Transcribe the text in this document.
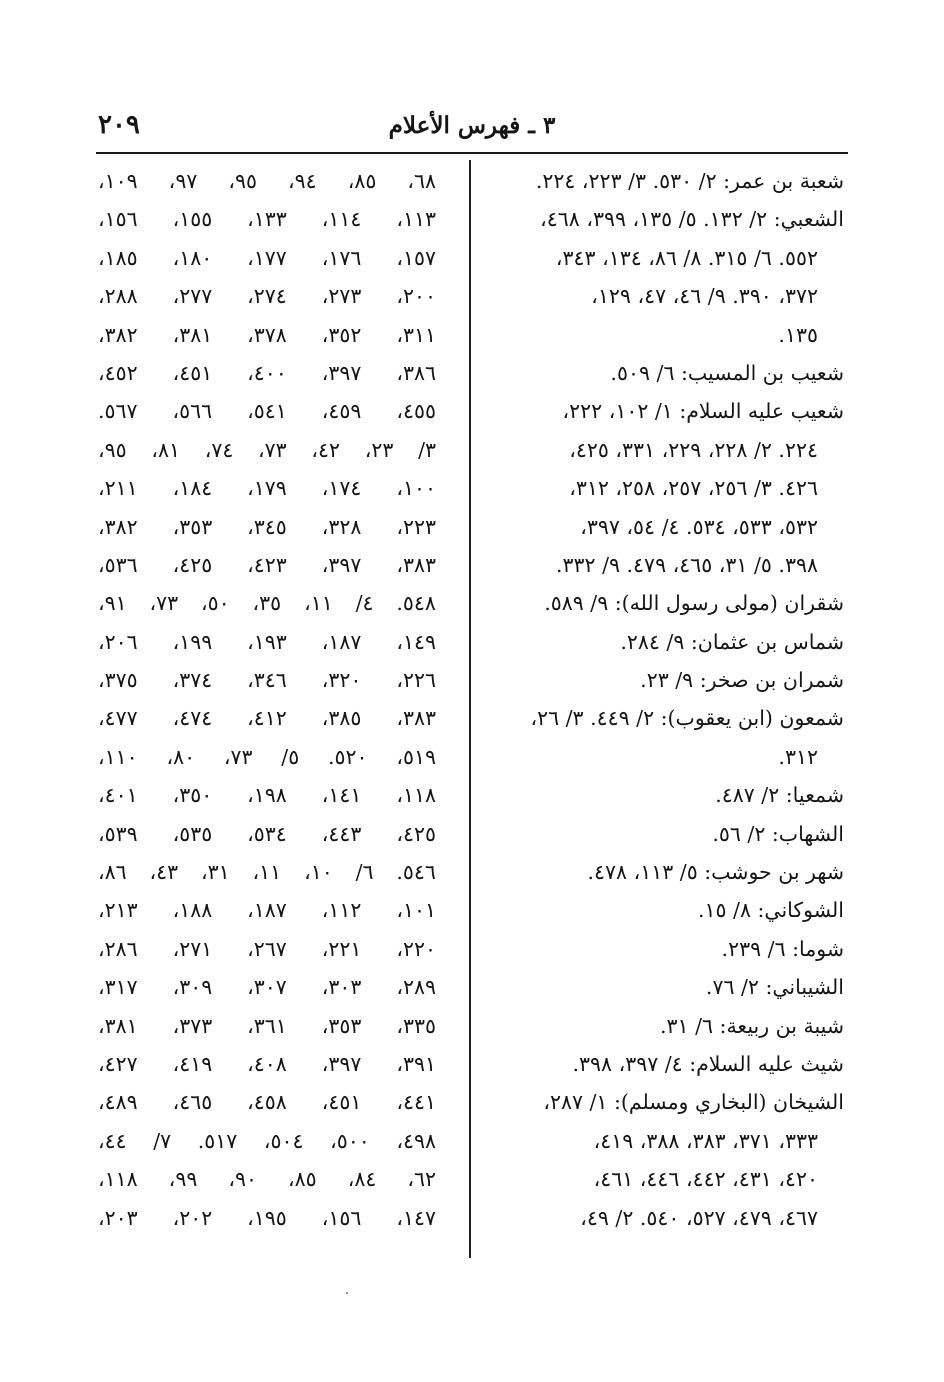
٣ ـ فهرس الأعلام
٢٠٩
شعبة بن عمر: ٢/ ٥٣٠. ٣/ ٢٢٣، ٢٢٤.
الشعبي: ٢/ ١٣٢. ٥/ ١٣٥، ٣٩٩، ٤٦٨،
٥٥٢. ٦/ ٣١٥. ٨/ ٨٦، ١٣٤، ٣٤٣،
٣٧٢، ٣٩٠. ٩/ ٤٦، ٤٧، ١٢٩،
١٣٥.
شعيب بن المسيب: ٦/ ٥٠٩.
شعيب عليه السلام: ١/ ١٠٢، ٢٢٢،
٢٢٤. ٢/ ٢٢٨، ٢٢٩، ٣٣١، ٤٢٥،
٤٢٦. ٣/ ٢٥٦، ٢٥٧، ٢٥٨، ٣١٢،
٥٣٢، ٥٣٣، ٥٣٤. ٤/ ٥٤، ٣٩٧،
٣٩٨. ٥/ ٣١، ٤٦٥، ٤٧٩. ٩/ ٣٣٢.
شقران (مولى رسول الله): ٩/ ٥٨٩.
شماس بن عثمان: ٩/ ٢٨٤.
شمران بن صخر: ٩/ ٢٣.
شمعون (ابن يعقوب): ٢/ ٤٤٩. ٣/ ٢٦،
٣١٢.
شمعيا: ٢/ ٤٨٧.
الشهاب: ٢/ ٥٦.
شهر بن حوشب: ٥/ ١١٣، ٤٧٨.
الشوكاني: ٨/ ١٥.
شوما: ٦/ ٢٣٩.
الشيباني: ٢/ ٧٦.
شيبة بن ربيعة: ٦/ ٣١.
شيث عليه السلام: ٤/ ٣٩٧، ٣٩٨.
الشيخان (البخاري ومسلم): ١/ ٢٨٧،
٣٣٣، ٣٧١، ٣٨٣، ٣٨٨، ٤١٩،
٤٢٠، ٤٣١، ٤٤٢، ٤٤٦، ٤٦١،
٤٦٧، ٤٧٩، ٥٢٧، ٥٤٠. ٢/ ٤٩،
٦٨، ٨٥، ٩٤، ٩٥، ٩٧، ١٠٩،
١١٣، ١١٤، ١٣٣، ١٥٥، ١٥٦،
١٥٧، ١٧٦، ١٧٧، ١٨٠، ١٨٥،
٢٠٠، ٢٧٣، ٢٧٤، ٢٧٧، ٢٨٨،
٣١١، ٣٥٢، ٣٧٨، ٣٨١، ٣٨٢،
٣٨٦، ٣٩٧، ٤٠٠، ٤٥١، ٤٥٢،
٤٥٥، ٤٥٩، ٥٤١، ٥٦٦، ٥٦٧.
٣/ ٢٣، ٤٢، ٧٣، ٧٤، ٨١، ٩٥،
١٠٠، ١٧٤، ١٧٩، ١٨٤، ٢١١،
٢٢٣، ٣٢٨، ٣٤٥، ٣٥٣، ٣٨٢،
٣٨٣، ٣٩٧، ٤٢٣، ٤٢٥، ٥٣٦،
٥٤٨. ٤/ ١١، ٣٥، ٥٠، ٧٣، ٩١،
١٤٩، ١٨٧، ١٩٣، ١٩٩، ٢٠٦،
٢٢٦، ٣٢٠، ٣٤٦، ٣٧٤، ٣٧٥،
٣٨٣، ٣٨٥، ٤١٢، ٤٧٤، ٤٧٧،
٥١٩، ٥٢٠. ٥/ ٧٣، ٨٠، ١١٠،
١١٨، ١٤١، ١٩٨، ٣٥٠، ٤٠١،
٤٢٥، ٤٤٣، ٥٣٤، ٥٣٥، ٥٣٩،
٥٤٦. ٦/ ١٠، ١١، ٣١، ٤٣، ٨٦،
١٠١، ١١٢، ١٨٧، ١٨٨، ٢١٣،
٢٢٠، ٢٢١، ٢٦٧، ٢٧١، ٢٨٦،
٢٨٩، ٣٠٣، ٣٠٧، ٣٠٩، ٣١٧،
٣٣٥، ٣٥٣، ٣٦١، ٣٧٣، ٣٨١،
٣٩١، ٣٩٧، ٤٠٨، ٤١٩، ٤٢٧،
٤٤١، ٤٥١، ٤٥٨، ٤٦٥، ٤٨٩،
٤٩٨، ٥٠٠، ٥٠٤، ٥١٧. ٧/ ٤٤،
٦٢، ٨٤، ٨٥، ٩٠، ٩٩، ١١٨،
١٤٧، ١٥٦، ١٩٥، ٢٠٢، ٢٠٣،
